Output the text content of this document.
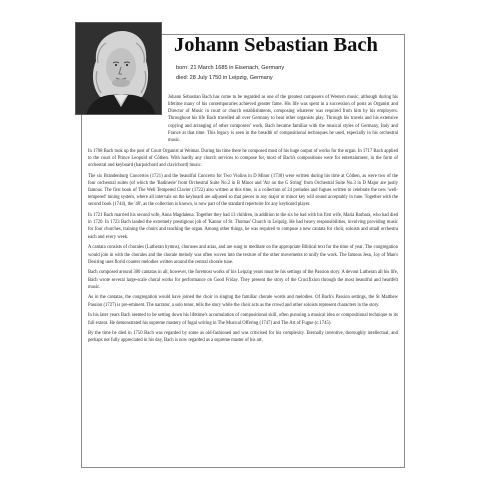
Johann Sebastian Bach
born: 21 March 1685 in Eisenach, Germany
died: 28 July 1750 in Leipzig, Germany

Johann Sebastian Bach has come to be regarded as one of the greatest composers of Western music, although during his lifetime many of his contemporaries achieved greater fame. His life was spent in a succession of posts as Organist and Director of Music in court or church establishments, composing whatever was required from him by his employers. Throughout his life Bach travelled all over Germany to hear other organists play. Through his travels and his extensive copying and arranging of other composers' work, Bach became familiar with the musical styles of Germany, Italy and France at that time. This legacy is seen in the breadth of compositional techniques he used, especially in his orchestral music.

In 1708 Bach took up the post of Court Organist at Weimar. During his time there he composed most of his huge output of works for the organ. In 1717 Bach applied to the court of Prince Leopold of Cöthen. With hardly any church services to compose for, most of Bach's compositions were for entertainment, in the form of orchestral and keyboard (harpsichord and clavichord) music.

The six Brandenburg Concertos (1721) and the beautiful Concerto for Two Violins in D Minor (1730) were written during his time at Cöthen, as were two of the four orchestral suites (of which the 'Badinerie' from Orchestral Suite No.2 in B Minor and 'Air on the G String' from Orchestral Suite No.3 in D Major are justly famous. The first book of The Well Tempered Clavier (1722) also written at this time, is a collection of 24 preludes and fugues written to celebrate the new 'well-tempered' tuning system, where all intervals on the keyboard are adjusted so that pieces in any major or minor key will sound acceptably in tune. Together with the second book (1744), the '48', as the collection is known, is now part of the standard repertoire for any keyboard player.

In 1721 Bach married his second wife, Anna Magdalena. Together they had 13 children, in addition to the six he had with his first wife, Maria Barbara, who had died in 1720. In 1723 Bach landed the extremely prestigious job of 'Kantor of St. Thomas' Church in Leipzig. He had heavy responsibilities, involving providing music for four churches, training the choirs and teaching the organ. Among other things, he was required to compose a new cantata for choir, soloists and small orchestra each and every week.

A cantata consists of chorales (Lutheran hymns), choruses and arias, and are sung to meditate on the appropriate Biblical text for the time of year. The congregation would join in with the chorales and the chorale melody was often woven into the texture of the other movements to unify the work. The famous Jesu, Joy of Man's Desiring uses florid counter melodies written around the central chorale tune.

Bach composed around 300 cantatas in all, however, the foremost works of his Leipzig years must be his settings of the Passion story. A devout Lutheran all his life, Bach wrote several large-scale choral works for performance on Good Friday. They present the story of the Crucifixion through the most beautiful and heartfelt music.

As in the cantatas, the congregation would have joined the choir in singing the familiar chorale words and melodies. Of Bach's Passion settings, the St Matthew Passion (1727) is pre-eminent. The narrator, a solo tenor, tells the story while the choir acts as the crowd and other soloists represent characters in the story.

In his later years Bach seemed to be setting down his lifetime's accumulation of compositional skill, often pursuing a musical idea or compositional technique to its full extent. He demonstrated his supreme mastery of fugal writing in The Musical Offering (1747) and The Art of Fugue (c.1745).

By the time he died in 1750 Bach was regarded by some as old-fashioned and was criticised for his complexity. Eternally inventive, thoroughly intellectual, and perhaps not fully appreciated in his day, Bach is now regarded as a supreme master of his art.
